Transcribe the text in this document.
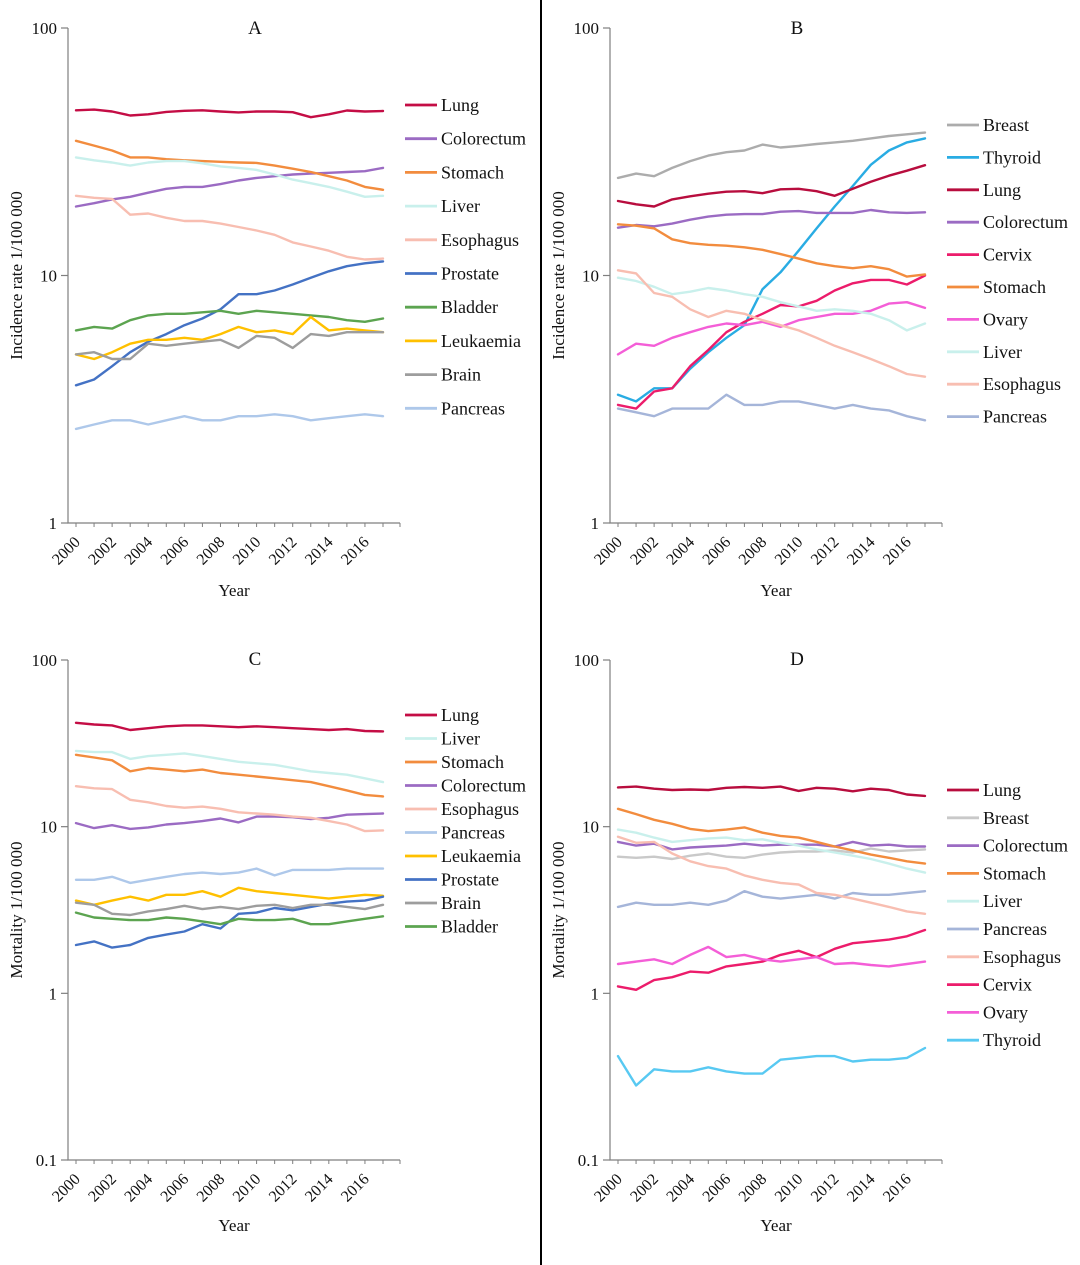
100
10
1
2000 2002 2004 2006 2008 2010 2012 2014 2016
Lung
Colorectum
Stomach
Liver
Esophagus
Prostate
Bladder
Leukaemia
Brain
Pancreas
A
Incidence rate 1/100 000
Year
100
10
1
2000 2002 2004 2006 2008 2010 2012 2014 2016
Breast
Thyroid
Lung
Colorectum
Cervix
Stomach
Ovary
Liver
Esophagus
Pancreas
B
Incidence rate 1/100 000
Year
100
10
1
0.1
2000 2002 2004 2006 2008 2010 2012 2014 2016
Lung
Liver
Stomach
Colorectum
Esophagus
Pancreas
Leukaemia
Prostate
Brain
Bladder
C
Mortality 1/100 000
Year
100
10
1
0.1
2000 2002 2004 2006 2008 2010 2012 2014 2016
Lung
Breast
Colorectum
Stomach
Liver
Pancreas
Esophagus
Cervix
Ovary
Thyroid
D
Mortality 1/100 000
Year
